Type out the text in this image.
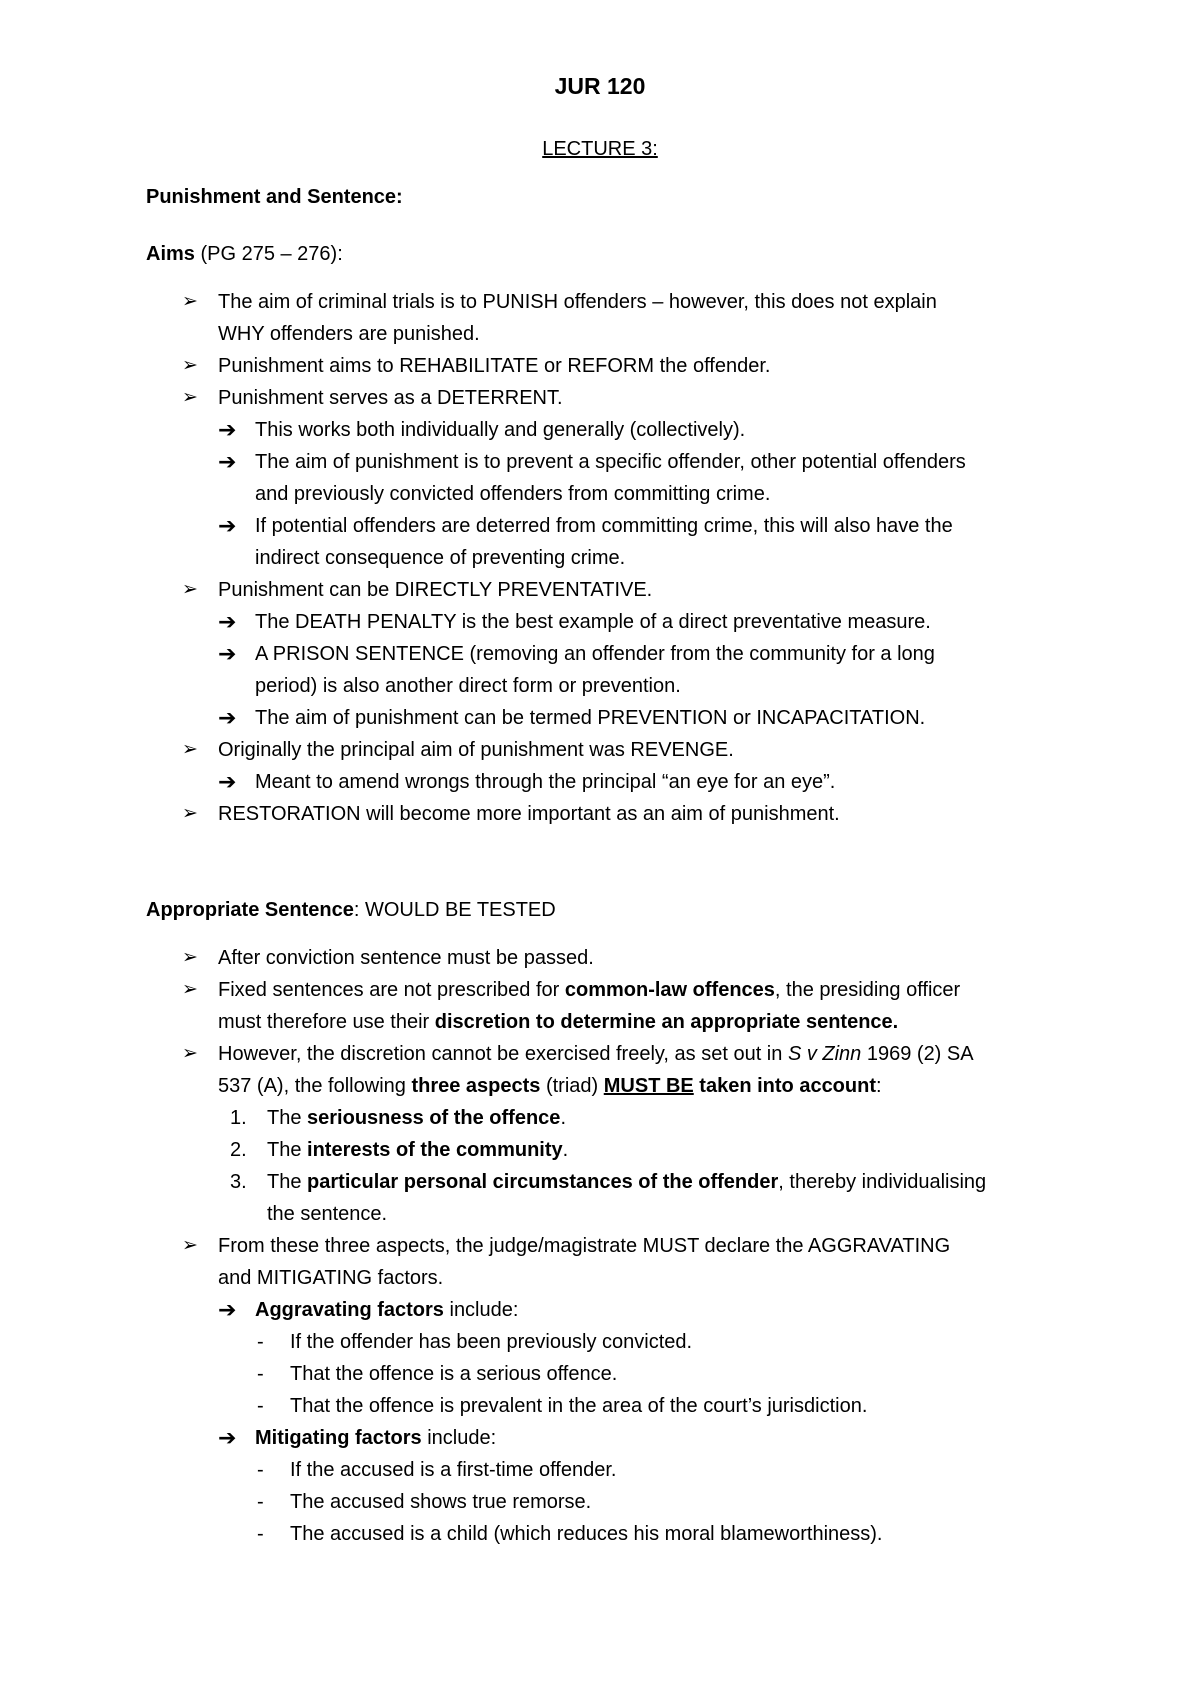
JUR 120
LECTURE 3:
Punishment and Sentence:
Aims (PG 275 – 276):
➢ The aim of criminal trials is to PUNISH offenders – however, this does not explain
WHY offenders are punished.
➢ Punishment aims to REHABILITATE or REFORM the offender.
➢ Punishment serves as a DETERRENT.
➔ This works both individually and generally (collectively).
➔ The aim of punishment is to prevent a specific offender, other potential offenders
and previously convicted offenders from committing crime.
➔ If potential offenders are deterred from committing crime, this will also have the
indirect consequence of preventing crime.
➢ Punishment can be DIRECTLY PREVENTATIVE.
➔ The DEATH PENALTY is the best example of a direct preventative measure.
➔ A PRISON SENTENCE (removing an offender from the community for a long
period) is also another direct form or prevention.
➔ The aim of punishment can be termed PREVENTION or INCAPACITATION.
➢ Originally the principal aim of punishment was REVENGE.
➔ Meant to amend wrongs through the principal “an eye for an eye”.
➢ RESTORATION will become more important as an aim of punishment.
Appropriate Sentence: WOULD BE TESTED
➢ After conviction sentence must be passed.
➢ Fixed sentences are not prescribed for common-law offences, the presiding officer
must therefore use their discretion to determine an appropriate sentence.
➢ However, the discretion cannot be exercised freely, as set out in S v Zinn 1969 (2) SA
537 (A), the following three aspects (triad) MUST BE taken into account:
1. The seriousness of the offence.
2. The interests of the community.
3. The particular personal circumstances of the offender, thereby individualising
the sentence.
➢ From these three aspects, the judge/magistrate MUST declare the AGGRAVATING
and MITIGATING factors.
➔ Aggravating factors include:
- If the offender has been previously convicted.
- That the offence is a serious offence.
- That the offence is prevalent in the area of the court’s jurisdiction.
➔ Mitigating factors include:
- If the accused is a first-time offender.
- The accused shows true remorse.
- The accused is a child (which reduces his moral blameworthiness).
